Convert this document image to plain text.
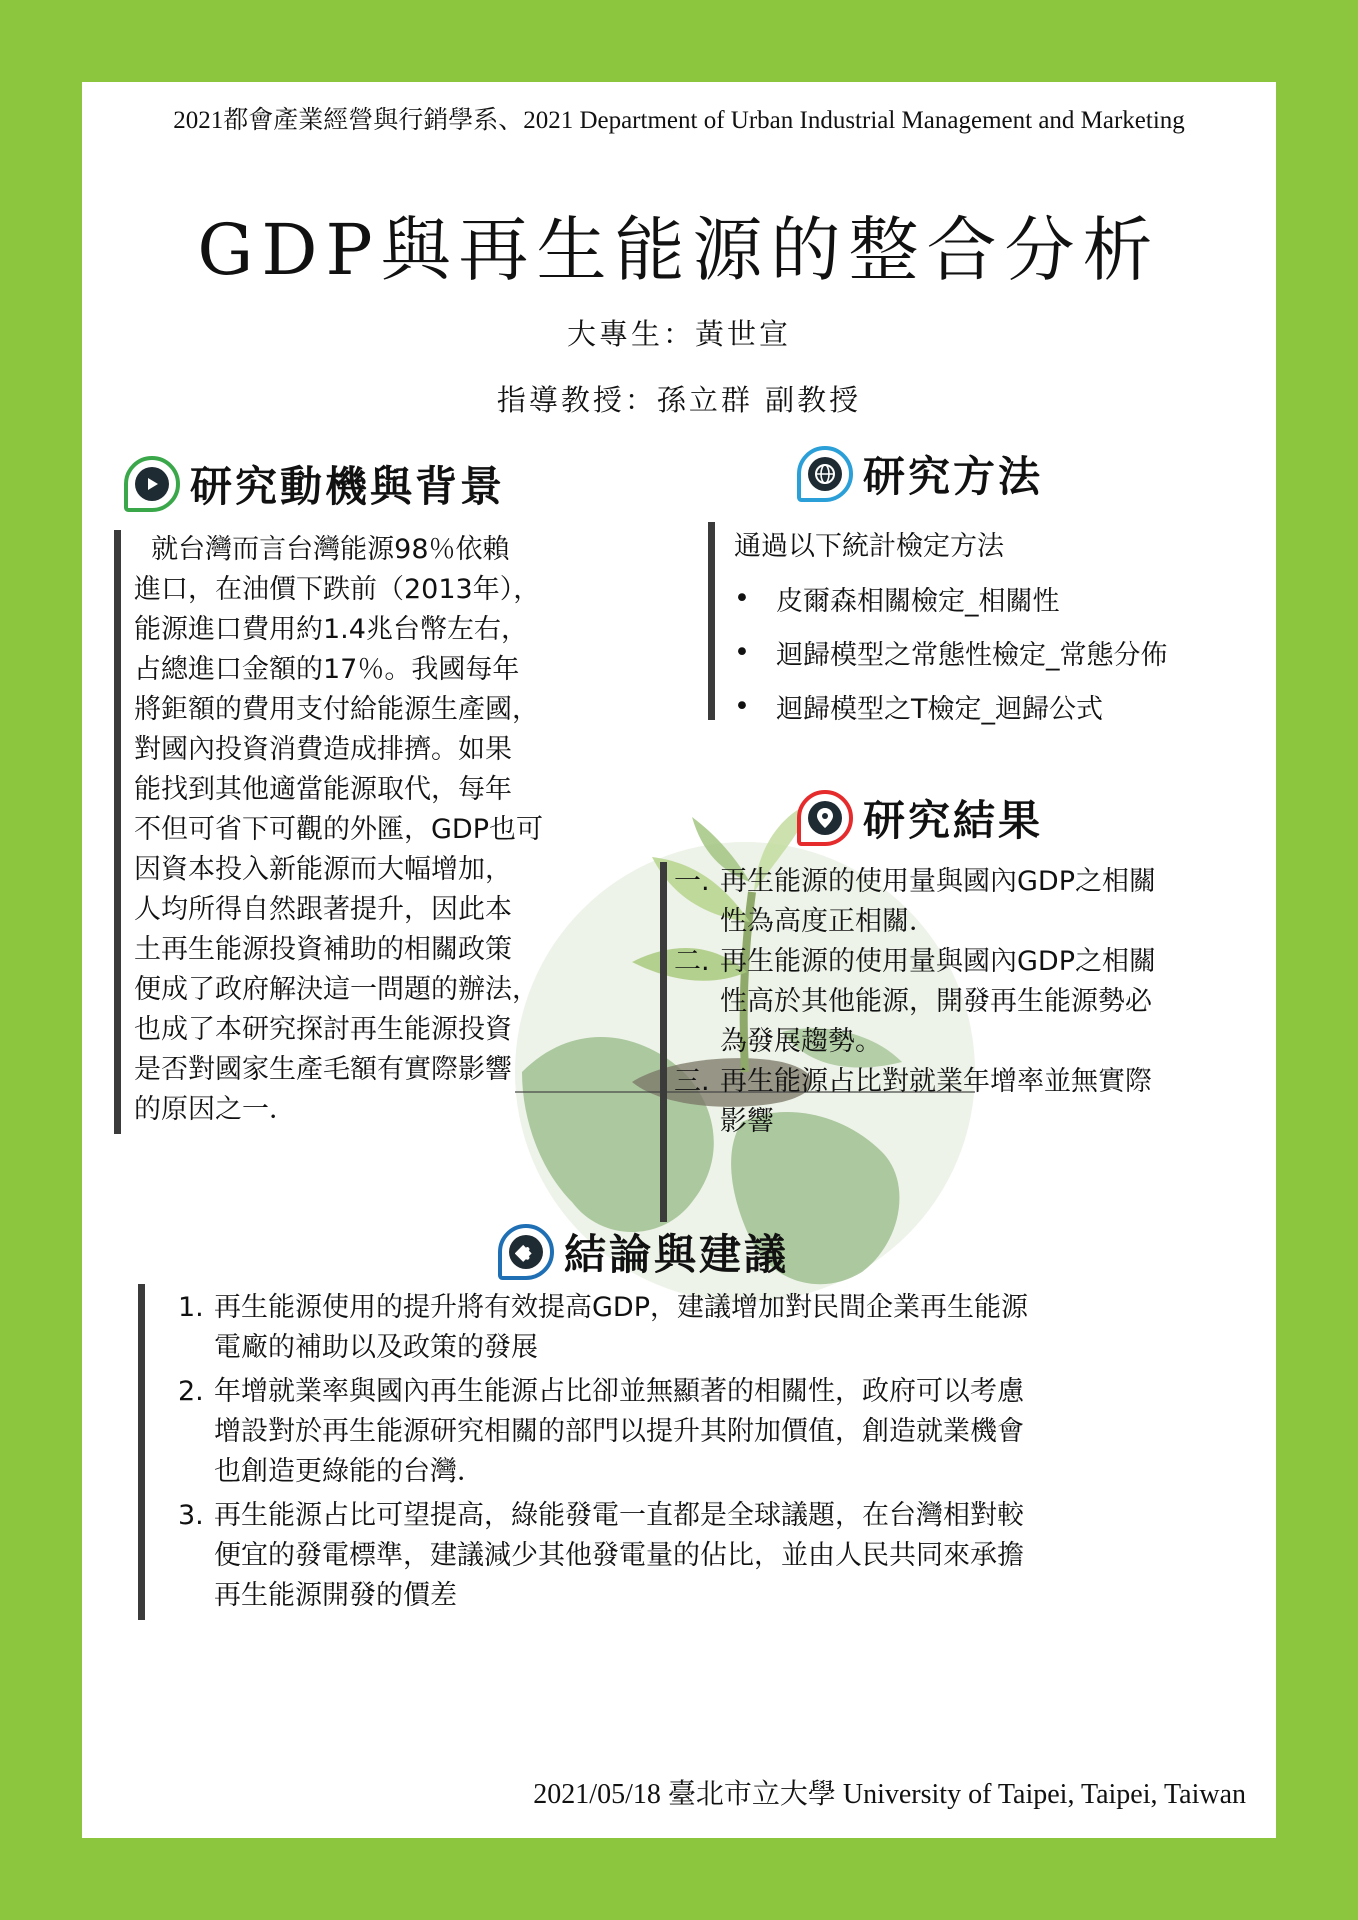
2021都會產業經營與行銷學系、2021 Department of Urban Industrial Management and Marketing
GDP與再生能源的整合分析
大專生：黃世宣
指導教授：孫立群 副教授
研究動機與背景
就台灣而言台灣能源98％依賴
進口，在油價下跌前（2013年），
能源進口費用約1.4兆台幣左右，
占總進口金額的17％。我國每年
將鉅額的費用支付給能源生產國，
對國內投資消費造成排擠。如果
能找到其他適當能源取代，每年
不但可省下可觀的外匯，GDP也可
因資本投入新能源而大幅增加，
人均所得自然跟著提升，因此本
土再生能源投資補助的相關政策
便成了政府解決這一問題的辦法，
也成了本研究探討再生能源投資
是否對國家生產毛額有實際影響
的原因之一．
研究方法
通過以下統計檢定方法
• 皮爾森相關檢定_相關性
• 迴歸模型之常態性檢定_常態分佈
• 迴歸模型之T檢定_迴歸公式
研究結果
一. 再生能源的使用量與國內GDP之相關
性為高度正相關．
二. 再生能源的使用量與國內GDP之相關
性高於其他能源，開發再生能源勢必
為發展趨勢。
三. 再生能源占比對就業年增率並無實際
影響
結論與建議
1. 再生能源使用的提升將有效提高GDP，建議增加對民間企業再生能源
電廠的補助以及政策的發展
2. 年增就業率與國內再生能源占比卻並無顯著的相關性，政府可以考慮
增設對於再生能源研究相關的部門以提升其附加價值，創造就業機會
也創造更綠能的台灣．
3. 再生能源占比可望提高，綠能發電一直都是全球議題，在台灣相對較
便宜的發電標準，建議減少其他發電量的佔比，並由人民共同來承擔
再生能源開發的價差
2021/05/18 臺北市立大學 University of Taipei, Taipei, Taiwan
